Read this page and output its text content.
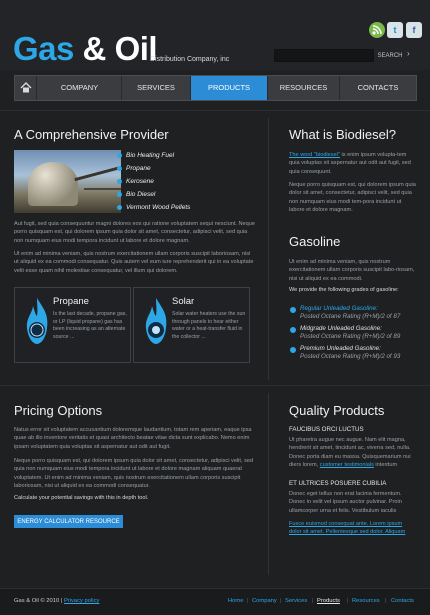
Gas & Oil
Distribution Company, inc
t	f
SEARCH ›
COMPANY	SERVICES	PRODUCTS	RESOURCES	CONTACTS
A Comprehensive Provider
Bio Heating Fuel
Propane
Kerosene
Bio Diesel
Vermont Wood Pellets
Aut fugit, sed quia consequuntur magni dolores eos qui ratione voluptatem sequi nesciunt. Neque porro quisquam est, qui dolorem ipsum quia dolor sit amet, consectetur, adipisci velit, sed quia non numquam eius modi tempora incidunt ut labore et dolore magnam.
Ut enim ad minima veniam, quis nostrum exercitationem ullam corporis suscipit laboriosam, nisi ut aliquid ex ea commodi consequatur. Quis autem vel eum iure reprehenderit qui in ea voluptate velit esse quam nihil molestiae consequatur, vel illum qui dolorem.
Propane
Is the last decade, propane gas, or LP (liquid propane) gas has been increasing as an alternate source ...
Solar
Solar water heaters use the sun through panels to hear either water or a heat-transfer fluid in the collector ...
What is Biodiesel?
The word "biodiesel" is enim ipsum volupta-tem quia voluptas sit aspernatur aut odit aut fugit, sed quia consequunt.
Neque porro quisquam est, qui dolorem ipsum quia dolor sit amet, consectetur, adipisci velit, sed quia non numquam eius modi tem-pora incidunt ut labore et dolore magnam.
Gasoline
Ut enim ad minima veniam, quis nostrum exercitationem ullam corporis suscipit labo-riosam, nisi ut aliquid ex ea commodi.
We provide the following grades of gasoline:
Regular Unleaded Gasoline:
Posted Octane Rating (R+M)/2 of 87
Midgrade Unleaded Gasoline:
Posted Octane Rating (R+M)/2 of 89
Premium Unleaded Gasoline:
Posted Octane Rating (R+M)/2 of 93
Pricing Options
Natus error sit voluptatem accusantium doloremque laudantium, totam rem aperiam, eaque ipsa quae ab illo inventore veritatis et quasi architecto beatae vitae dicta sunt explicabo. Nemo enim ipsam voluptatem quia voluptas sit aspernatur aut odit aut fugit.
Neque porro quisquam est, qui dolorem ipsum quia dolor sit amet, consectetur, adipisci velit, sed quia non numquam eius modi tempora incidunt ut labore et dolore magnam aliquam quaerat voluptatem. Ut enim ad minima veniam, quis nostrum exercitationem ullam corporis suscipit laboriosam, nisi ut aliquid ex ea commodi consequatur.
Calculate your potential savings with this in depth tool.
ENERGY CALCULATOR RESOURCE
Quality Products
FAUCIBUS ORCI LUCTUS
Ut pharetra augue nec augue. Nam elit magna, hendrerit sit amet, tincidunt ac, viverra sed, nulla. Donec porta diam eu massa. Quisquemarium nui diers lorem, customer testimonials interdum
ET ULTRICES POSUERE CUBILIA
Donec eget tellus non erat lacinia fermentum. Donec in velit vel ipsum auctor pulvinar. Proin ullamcorper urna et felis. Vestibulum iaculis
Fusce euismod consequat ante. Lorem ipsum dolor sit amet. Pellentesque sed dolor. Aliquam
Gas & Oil © 2010 | Privacy policy	Home | Company | Services | Products | Resources | Contacts
